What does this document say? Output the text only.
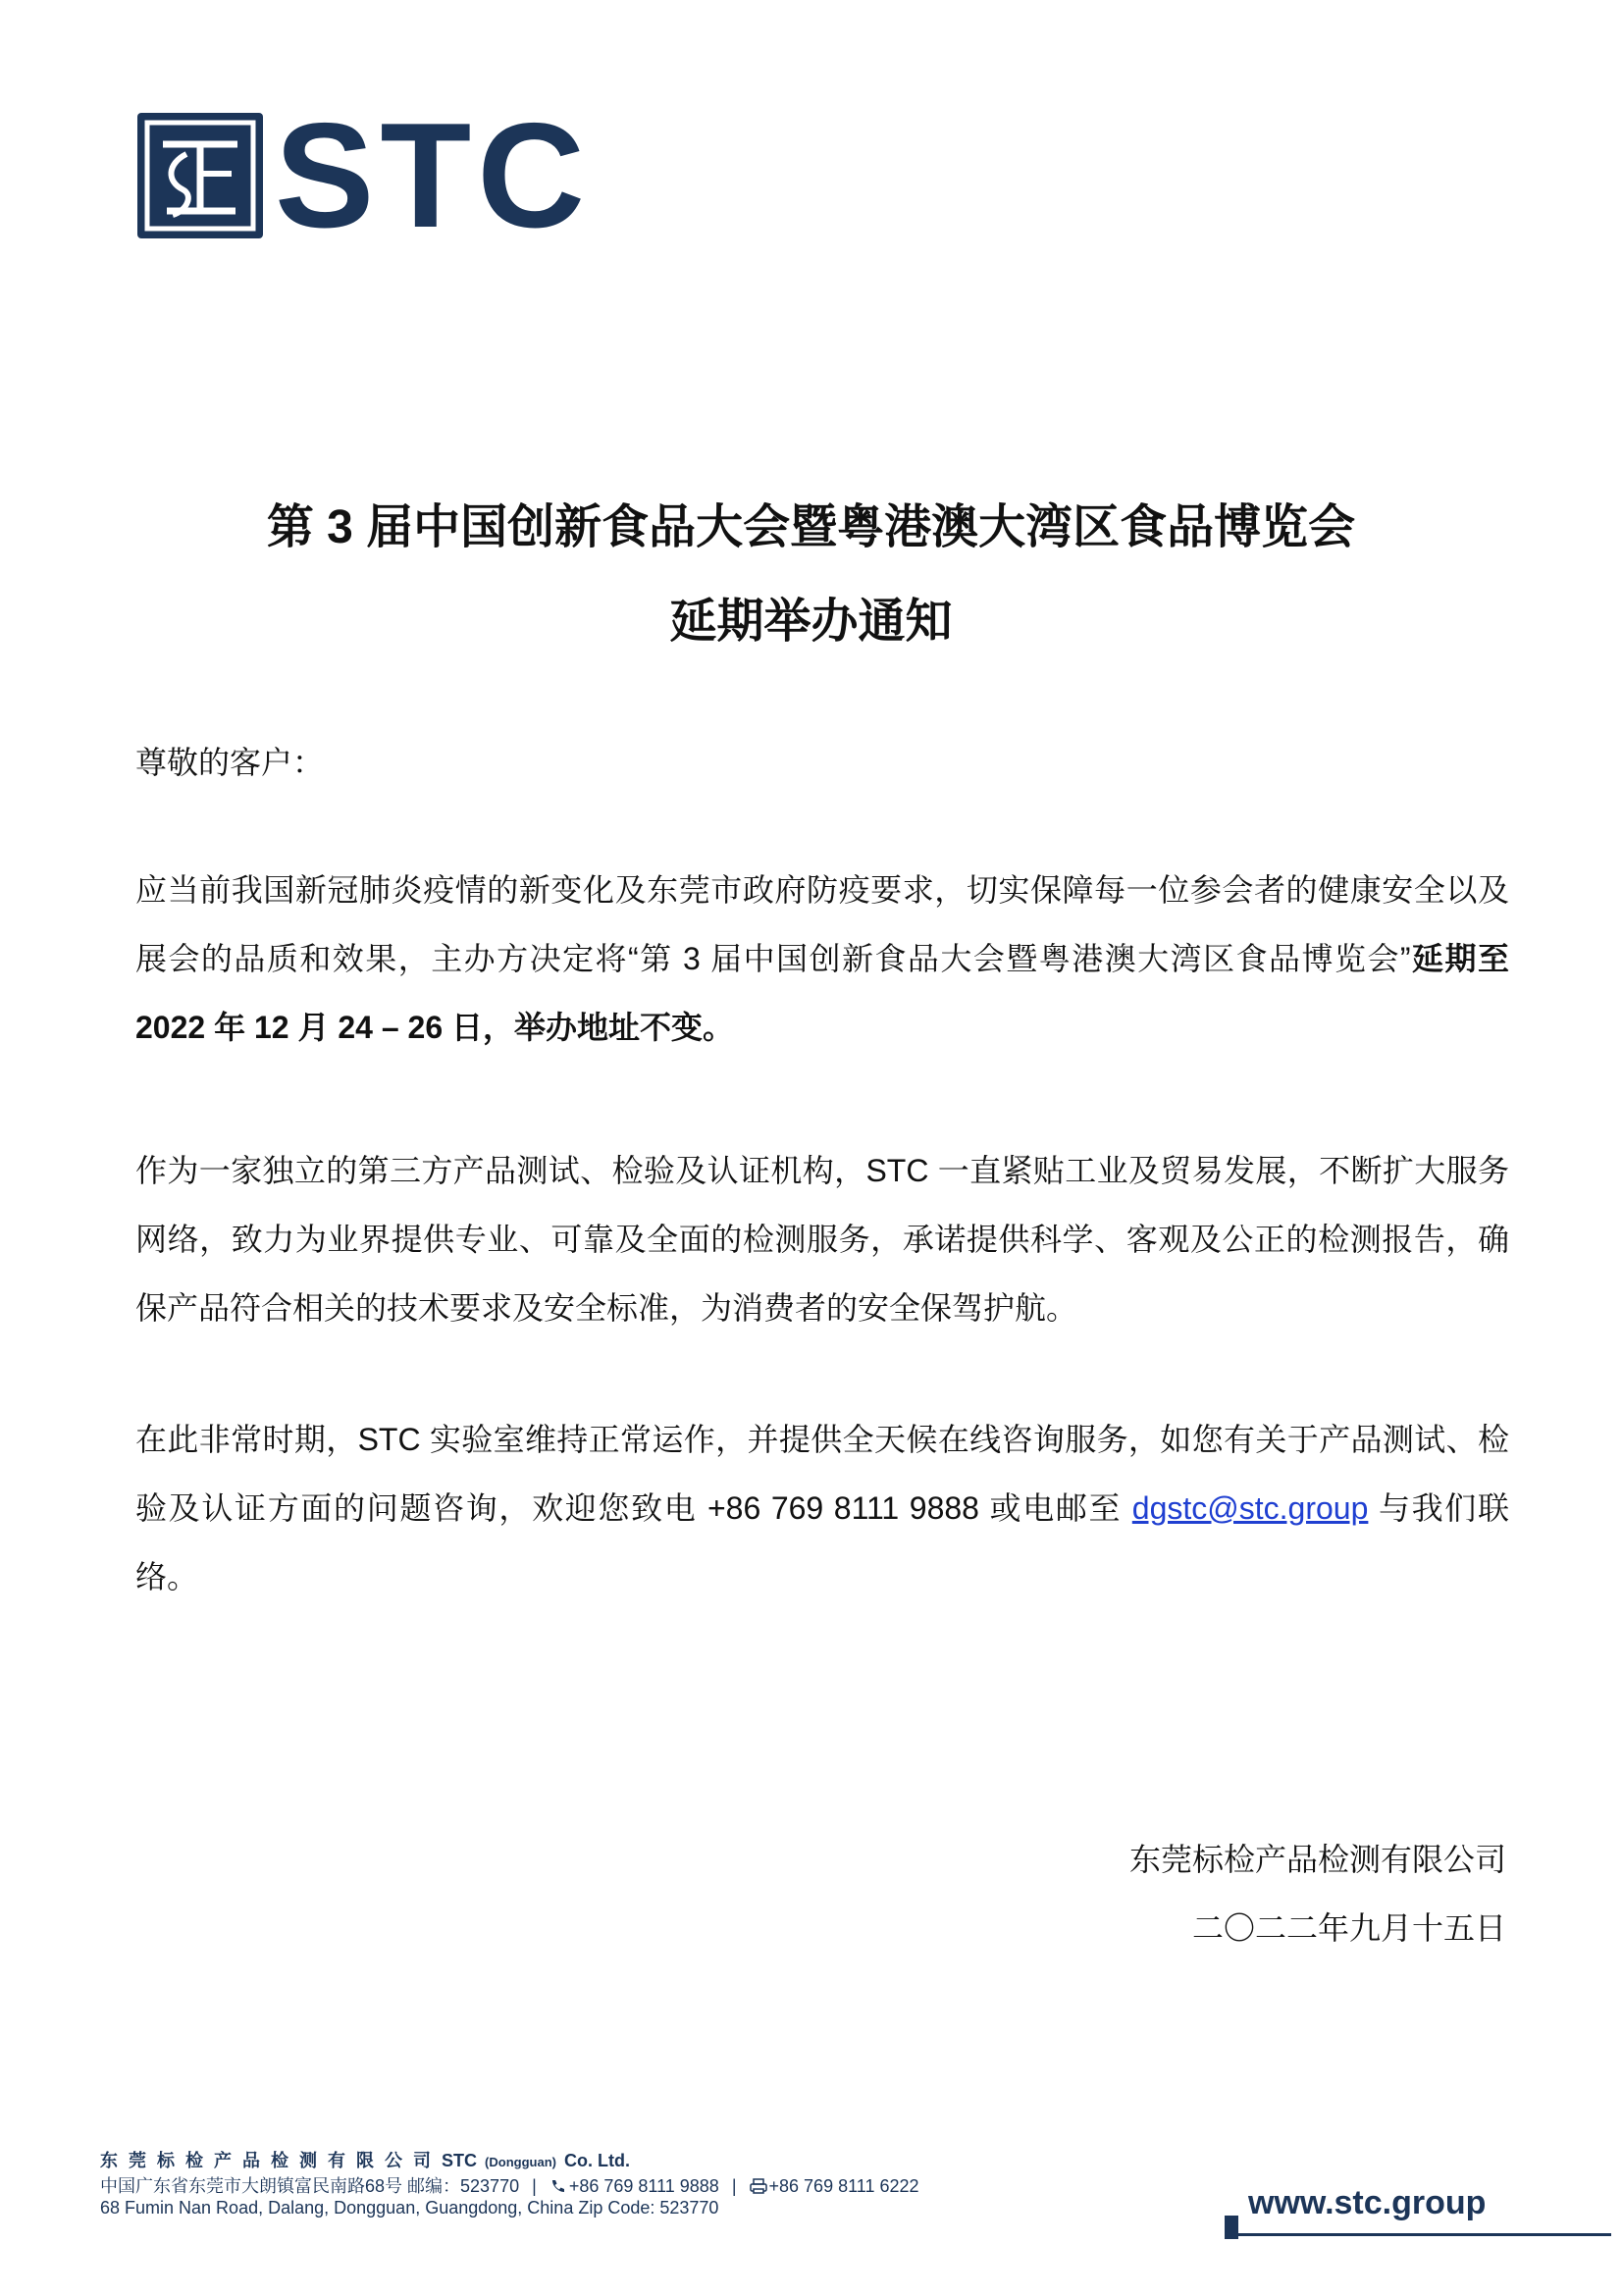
STC
第 3 届中国创新食品大会暨粤港澳大湾区食品博览会
延期举办通知
尊敬的客户：

应当前我国新冠肺炎疫情的新变化及东莞市政府防疫要求，切实保障每一位参会者的健康安全以及展会的品质和效果，主办方决定将“第 3 届中国创新食品大会暨粤港澳大湾区食品博览会”延期至 2022 年 12 月 24 – 26 日，举办地址不变。

作为一家独立的第三方产品测试、检验及认证机构，STC 一直紧贴工业及贸易发展，不断扩大服务网络，致力为业界提供专业、可靠及全面的检测服务，承诺提供科学、客观及公正的检测报告，确保产品符合相关的技术要求及安全标准，为消费者的安全保驾护航。

在此非常时期，STC 实验室维持正常运作，并提供全天候在线咨询服务，如您有关于产品测试、检验及认证方面的问题咨询，欢迎您致电 +86 769 8111 9888 或电邮至 dgstc@stc.group 与我们联络。

东莞标检产品检测有限公司
二〇二二年九月十五日
东 莞 标 检 产 品 检 测 有 限 公 司 STC (Dongguan) Co. Ltd.
中国广东省东莞市大朗镇富民南路68号 邮编：523770 | +86 769 8111 9888 | +86 769 8111 6222
68 Fumin Nan Road, Dalang, Dongguan, Guangdong, China Zip Code: 523770	www.stc.group
